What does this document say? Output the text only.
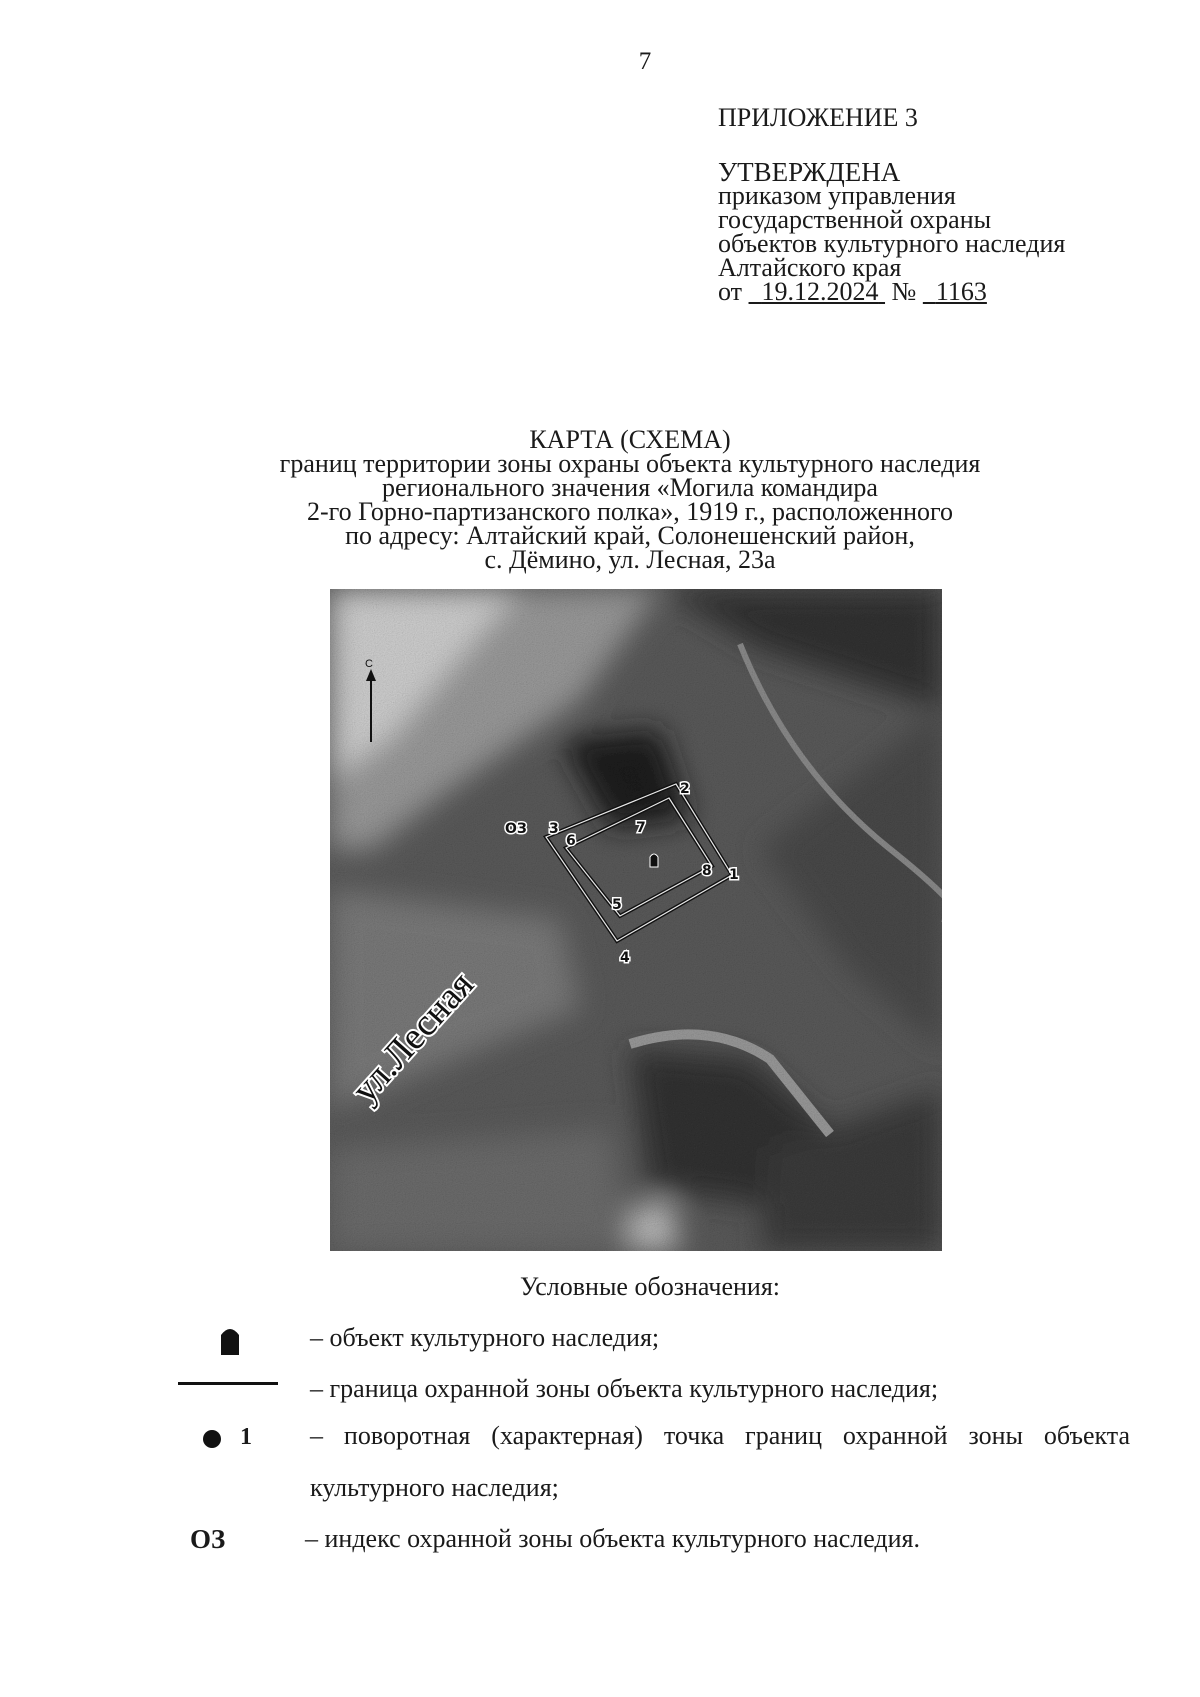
7
ПРИЛОЖЕНИЕ 3
УТВЕРЖДЕНА
приказом управления
государственной охраны
объектов культурного наследия
Алтайского края
от 19.12.2024 № 1163
КАРТА (СХЕМА)
границ территории зоны охраны объекта культурного наследия
регионального значения «Могила командира
2-го Горно-партизанского полка», 1919 г., расположенного
по адресу: Алтайский край, Солонешенский район,
с. Дёмино, ул. Лесная, 23а
С
1
2
3
4
5
6
7
8
ОЗ
ул.Лесная
Условные обозначения:
– объект культурного наследия;
– граница охранной зоны объекта культурного наследия;
1 – поворотная (характерная) точка границ охранной зоны объекта
культурного наследия;
ОЗ	– индекс охранной зоны объекта культурного наследия.
